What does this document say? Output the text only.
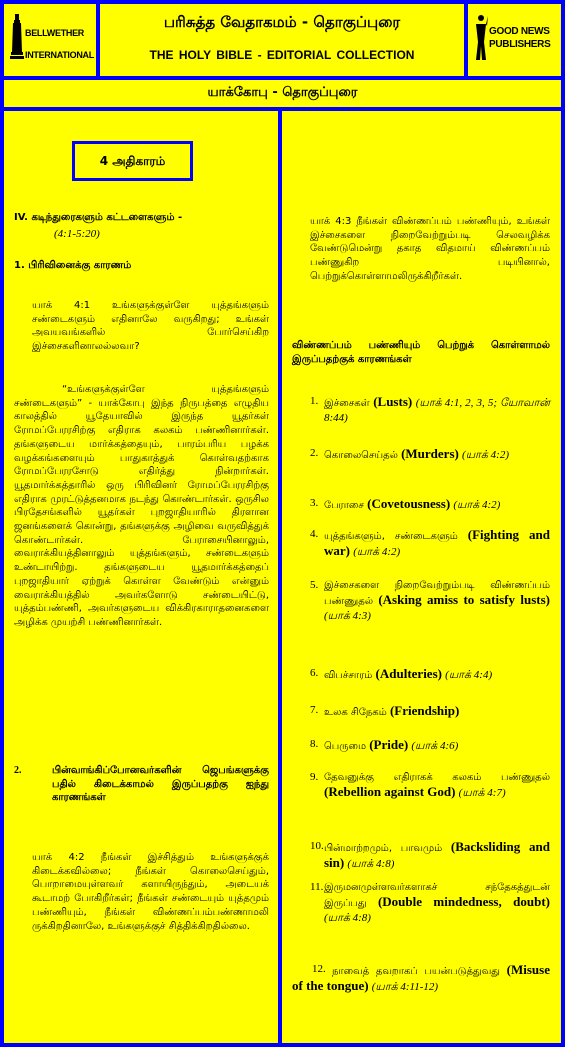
BELLWETHER
INTERNATIONAL
பரிசுத்த வேதாகமம் - தொகுப்புரை
THE HOLY BIBLE - EDITORIAL COLLECTION
GOOD NEWS
PUBLISHERS
யாக்கோபு - தொகுப்புரை
4 அதிகாரம்
IV. கடிந்துரைகளும் கட்டளைகளும் -
(4:1-5:20)
1. பிரிவினைக்கு காரணம்
யாக் 4:1 உங்களுக்குள்ளே யுத்தங்களும் சண்டைகளும் எதினாலே வருகிறது; உங்கள் அவயவங்களில் போர்செய்கிற இச்சைகளினாலல்லவா?
“உங்களுக்குள்ளே யுத்தங்களும் சண்டைகளும்” - யாக்கோபு இந்த நிருபத்தை எழுதிய காலத்தில் யூதேயாவில் இருந்த யூதர்கள் ரோமப்பேரரசிற்கு எதிராக கலகம் பண்ணினார்கள். தங்களுடைய மார்க்கத்தையும், பாரம்பரிய பழக்க வழக்கங்களையும் பாதுகாத்துக் கொள்வதற்காக ரோமப்பேரரசோடு எதிர்த்து நின்றார்கள். யூதமார்க்கத்தாரில் ஒரு பிரிவினர் ரோமப்பேரரசிற்கு எதிராக முரட்டுத்தனமாக நடந்து கொண்டார்கள். ஒருசில பிரதேசங்களில் யூதர்கள் புறஜாதியாரில் திரளான ஜனங்களைக் கொன்று, தங்களுக்கு அழிவை வருவித்துக் கொண்டார்கள். பேராசையினாலும், வைராக்கியத்தினாலும் யுத்தங்களும், சண்டைகளும் உண்டாயிற்று. தங்களுடைய யூதமார்க்கத்தைப் புறஜாதியார் ஏற்றுக் கொள்ள வேண்டும் என்னும் வைராக்கியத்தில் அவர்களோடு சண்டையிட்டு, யுத்தம்பண்ணி, அவர்களுடைய விக்கிரகாராதனைகளை அழிக்க முயற்சி பண்ணினார்கள்.
2.	பின்வாங்கிப்போனவர்களின் ஜெபங்களுக்கு பதில் கிடைக்காமல் இருப்பதற்கு ஐந்து காரணங்கள்
யாக் 4:2 நீங்கள் இச்சித்தும் உங்களுக்குக் கிடைக்கவில்லை; நீங்கள் கொலைசெய்தும், பொறாமையுள்ளவர் களாயிருந்தும், அடையக் கூடாமற் போகிறீர்கள்; நீங்கள் சண்டையும் யுத்தமும் பண்ணியும், நீங்கள் விண்ணப்பம்பண்ணாமலி ருக்கிறதினாலே, உங்களுக்குச் சித்திக்கிறதில்லை.
யாக் 4:3 நீங்கள் விண்ணப்பம் பண்ணியும், உங்கள் இச்சைகளை நிறைவேற்றும்படி செலவழிக்க வேண்டுமென்று தகாத விதமாய் விண்ணப்பம் பண்ணுகிற படியினால், பெற்றுக்கொள்ளாமலிருக்கிறீர்கள்.
விண்ணப்பம் பண்ணியும் பெற்றுக் கொள்ளாமல் இருப்பதற்குக் காரணங்கள்
1. இச்சைகள் (Lusts) (யாக் 4:1, 2, 3, 5; யோவான் 8:44)
2. கொலைசெய்தல் (Murders) (யாக் 4:2)
3. பேராசை (Covetousness) (யாக் 4:2)
4. யுத்தங்களும், சண்டைகளும் (Fighting and war) (யாக் 4:2)
5. இச்சைகளை நிறைவேற்றும்படி விண்ணப்பம் பண்ணுதல் (Asking amiss to satisfy lusts) (யாக் 4:3)
6. விபச்சாரம் (Adulteries) (யாக் 4:4)
7. உலக சிநேகம் (Friendship)
8. பெருமை (Pride) (யாக் 4:6)
9. தேவனுக்கு எதிராகக் கலகம் பண்ணுதல் (Rebellion against God) (யாக் 4:7)
10. பின்மாற்றமும், பாவமும் (Backsliding and sin) (யாக் 4:8)
11. இருமனமுள்ளவர்களாகச் சந்தேகத்துடன் இருப்பது (Double mindedness, doubt) (யாக் 4:8)
12. நாவைத் தவறாகப் பயன்படுத்துவது (Misuse of the tongue) (யாக் 4:11-12)
